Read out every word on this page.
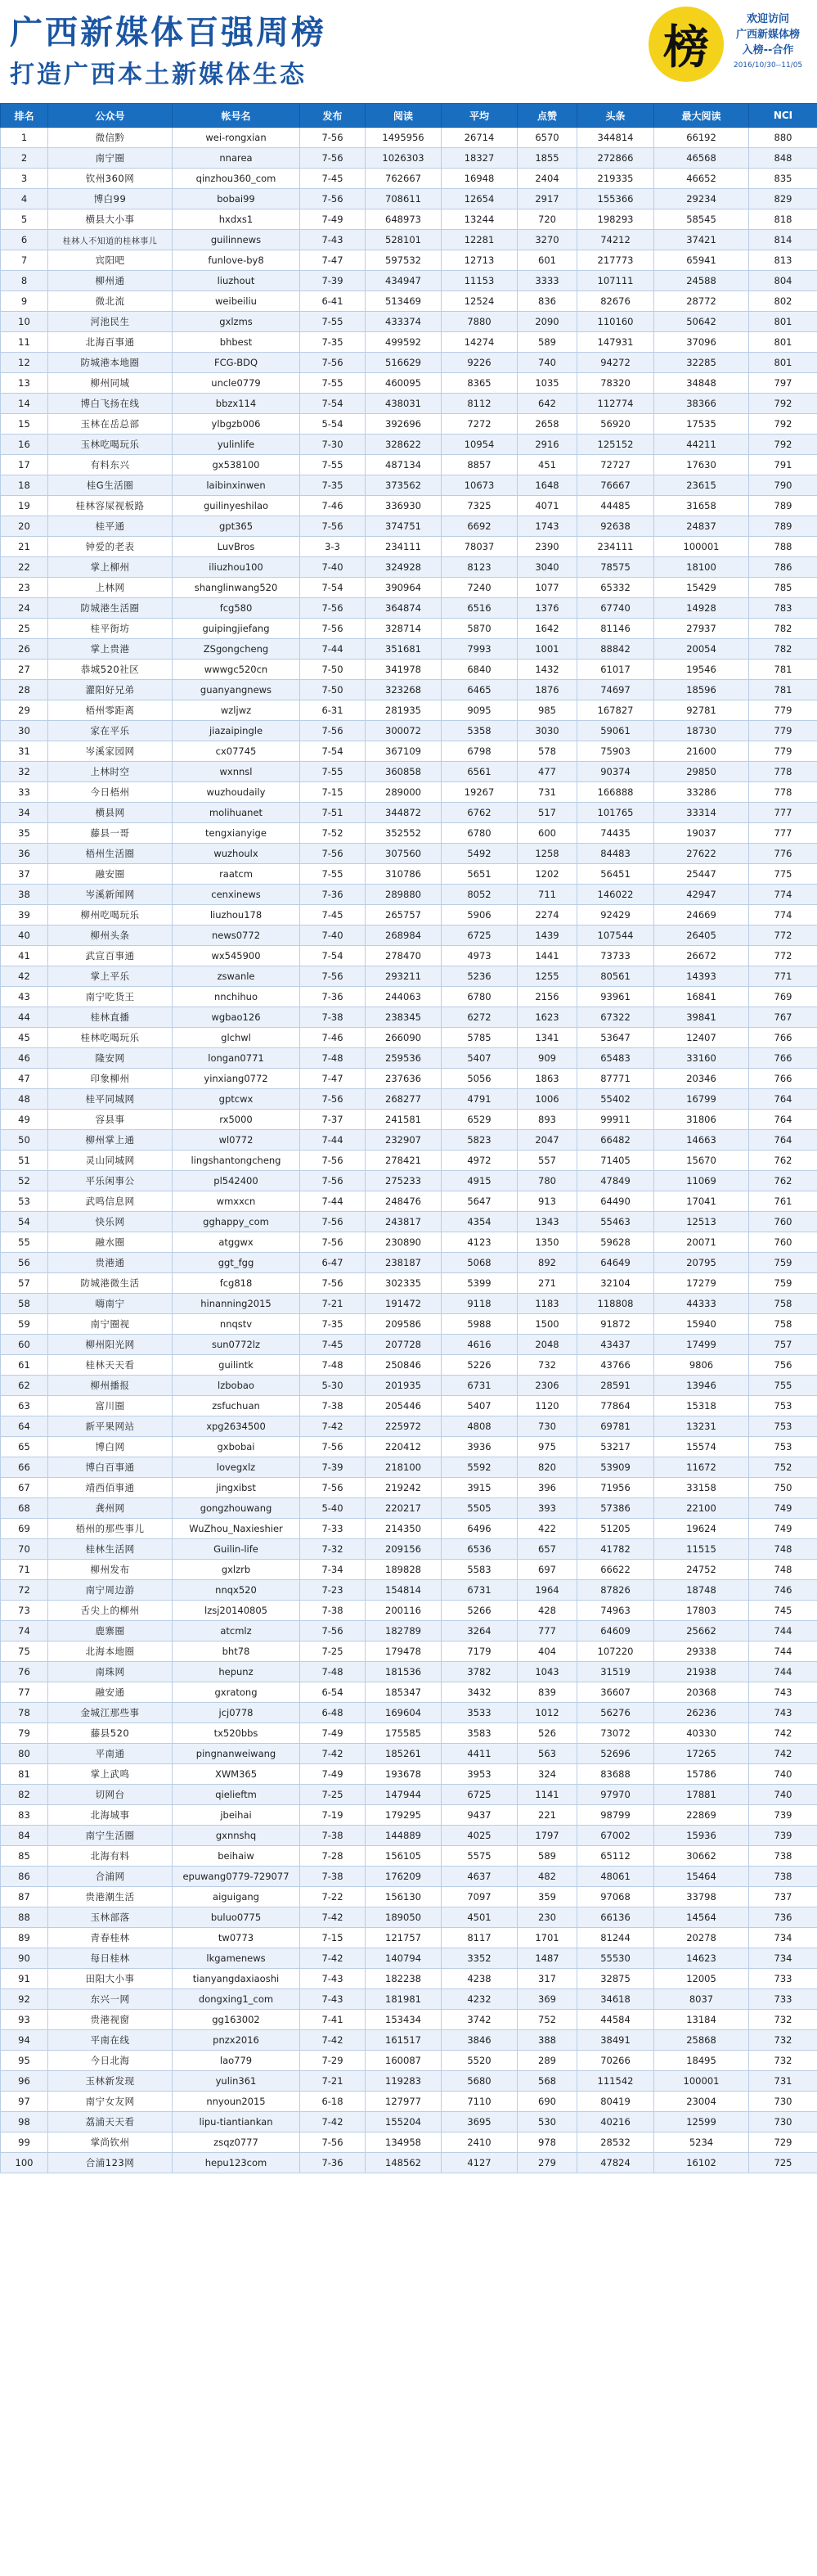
广西新媒体百强周榜
打造广西本土新媒体生态
榜
欢迎访问
广西新媒体榜
入榜--合作
2016/10/30--11/05
排名	公众号	帐号名	发布	阅读	平均	点赞	头条	最大阅读	NCI
1	微信黔	wei-rongxian	7-56	1495956	26714	6570	344814	66192	880
2	南宁圈	nnarea	7-56	1026303	18327	1855	272866	46568	848
3	钦州360网	qinzhou360_com	7-45	762667	16948	2404	219335	46652	835
4	博白99	bobai99	7-56	708611	12654	2917	155366	29234	829
5	横县大小事	hxdxs1	7-49	648973	13244	720	198293	58545	818
6	桂林人不知道的桂林事儿	guilinnews	7-43	528101	12281	3270	74212	37421	814
7	宾阳吧	funlove-by8	7-47	597532	12713	601	217773	65941	813
8	柳州通	liuzhout	7-39	434947	11153	3333	107111	24588	804
9	微北流	weibeiliu	6-41	513469	12524	836	82676	28772	802
10	河池民生	gxlzms	7-55	433374	7880	2090	110160	50642	801
11	北海百事通	bhbest	7-35	499592	14274	589	147931	37096	801
12	防城港本地圈	FCG-BDQ	7-56	516629	9226	740	94272	32285	801
13	柳州同城	uncle0779	7-55	460095	8365	1035	78320	34848	797
14	博白飞扬在线	bbzx114	7-54	438031	8112	642	112774	38366	792
15	玉林在岳总部	ylbgzb006	5-54	392696	7272	2658	56920	17535	792
16	玉林吃喝玩乐	yulinlife	7-30	328622	10954	2916	125152	44211	792
17	有料东兴	gx538100	7-55	487134	8857	451	72727	17630	791
18	桂G生活圈	laibinxinwen	7-35	373562	10673	1648	76667	23615	790
19	桂林容屎视板路	guilinyeshilao	7-46	336930	7325	4071	44485	31658	789
20	桂平通	gpt365	7-56	374751	6692	1743	92638	24837	789
21	钟爱的老表	LuvBros	3-3	234111	78037	2390	234111	100001	788
22	掌上柳州	iliuzhou100	7-40	324928	8123	3040	78575	18100	786
23	上林网	shanglinwang520	7-54	390964	7240	1077	65332	15429	785
24	防城港生活圈	fcg580	7-56	364874	6516	1376	67740	14928	783
25	桂平街坊	guipingjiefang	7-56	328714	5870	1642	81146	27937	782
26	掌上贵港	ZSgongcheng	7-44	351681	7993	1001	88842	20054	782
27	恭城520社区	wwwgc520cn	7-50	341978	6840	1432	61017	19546	781
28	灌阳好兄弟	guanyangnews	7-50	323268	6465	1876	74697	18596	781
29	梧州零距离	wzljwz	6-31	281935	9095	985	167827	92781	779
30	家在平乐	jiazaipingle	7-56	300072	5358	3030	59061	18730	779
31	岑溪家园网	cx07745	7-54	367109	6798	578	75903	21600	779
32	上林时空	wxnnsl	7-55	360858	6561	477	90374	29850	778
33	今日梧州	wuzhoudaily	7-15	289000	19267	731	166888	33286	778
34	横县网	molihuanet	7-51	344872	6762	517	101765	33314	777
35	藤县一哥	tengxianyige	7-52	352552	6780	600	74435	19037	777
36	梧州生活圈	wuzhoulx	7-56	307560	5492	1258	84483	27622	776
37	融安圈	raatcm	7-55	310786	5651	1202	56451	25447	775
38	岑溪新闻网	cenxinews	7-36	289880	8052	711	146022	42947	774
39	柳州吃喝玩乐	liuzhou178	7-45	265757	5906	2274	92429	24669	774
40	柳州头条	news0772	7-40	268984	6725	1439	107544	26405	772
41	武宣百事通	wx545900	7-54	278470	4973	1441	73733	26672	772
42	掌上平乐	zswanle	7-56	293211	5236	1255	80561	14393	771
43	南宁吃货王	nnchihuo	7-36	244063	6780	2156	93961	16841	769
44	桂林直播	wgbao126	7-38	238345	6272	1623	67322	39841	767
45	桂林吃喝玩乐	glchwl	7-46	266090	5785	1341	53647	12407	766
46	隆安网	longan0771	7-48	259536	5407	909	65483	33160	766
47	印象柳州	yinxiang0772	7-47	237636	5056	1863	87771	20346	766
48	桂平同城网	gptcwx	7-56	268277	4791	1006	55402	16799	764
49	容县事	rx5000	7-37	241581	6529	893	99911	31806	764
50	柳州掌上通	wl0772	7-44	232907	5823	2047	66482	14663	764
51	灵山同城网	lingshantongcheng	7-56	278421	4972	557	71405	15670	762
52	平乐闲事公	pl542400	7-56	275233	4915	780	47849	11069	762
53	武鸣信息网	wmxxcn	7-44	248476	5647	913	64490	17041	761
54	快乐网	gghappy_com	7-56	243817	4354	1343	55463	12513	760
55	融水圈	atggwx	7-56	230890	4123	1350	59628	20071	760
56	贵港通	ggt_fgg	6-47	238187	5068	892	64649	20795	759
57	防城港微生活	fcg818	7-56	302335	5399	271	32104	17279	759
58	嗨南宁	hinanning2015	7-21	191472	9118	1183	118808	44333	758
59	南宁圈视	nnqstv	7-35	209586	5988	1500	91872	15940	758
60	柳州阳光网	sun0772lz	7-45	207728	4616	2048	43437	17499	757
61	桂林天天看	guilintk	7-48	250846	5226	732	43766	9806	756
62	柳州播报	lzbobao	5-30	201935	6731	2306	28591	13946	755
63	富川圈	zsfuchuan	7-38	205446	5407	1120	77864	15318	753
64	新平果网站	xpg2634500	7-42	225972	4808	730	69781	13231	753
65	博白网	gxbobai	7-56	220412	3936	975	53217	15574	753
66	博白百事通	lovegxlz	7-39	218100	5592	820	53909	11672	752
67	靖西佰事通	jingxibst	7-56	219242	3915	396	71956	33158	750
68	龚州网	gongzhouwang	5-40	220217	5505	393	57386	22100	749
69	梧州的那些事儿	WuZhou_Naxieshier	7-33	214350	6496	422	51205	19624	749
70	桂林生活网	Guilin-life	7-32	209156	6536	657	41782	11515	748
71	柳州发布	gxlzrb	7-34	189828	5583	697	66622	24752	748
72	南宁周边游	nnqx520	7-23	154814	6731	1964	87826	18748	746
73	舌尖上的柳州	lzsj20140805	7-38	200116	5266	428	74963	17803	745
74	鹿寨圈	atcmlz	7-56	182789	3264	777	64609	25662	744
75	北海本地圈	bht78	7-25	179478	7179	404	107220	29338	744
76	南珠网	hepunz	7-48	181536	3782	1043	31519	21938	744
77	融安通	gxratong	6-54	185347	3432	839	36607	20368	743
78	金城江那些事	jcj0778	6-48	169604	3533	1012	56276	26236	743
79	藤县520	tx520bbs	7-49	175585	3583	526	73072	40330	742
80	平南通	pingnanweiwang	7-42	185261	4411	563	52696	17265	742
81	掌上武鸣	XWM365	7-49	193678	3953	324	83688	15786	740
82	切网台	qielieftm	7-25	147944	6725	1141	97970	17881	740
83	北海城事	jbeihai	7-19	179295	9437	221	98799	22869	739
84	南宁生活圈	gxnnshq	7-38	144889	4025	1797	67002	15936	739
85	北海有料	beihaiw	7-28	156105	5575	589	65112	30662	738
86	合浦网	epuwang0779-729077	7-38	176209	4637	482	48061	15464	738
87	贵港潮生活	aiguigang	7-22	156130	7097	359	97068	33798	737
88	玉林部落	buluo0775	7-42	189050	4501	230	66136	14564	736
89	青春桂林	tw0773	7-15	121757	8117	1701	81244	20278	734
90	每日桂林	lkgamenews	7-42	140794	3352	1487	55530	14623	734
91	田阳大小事	tianyangdaxiaoshi	7-43	182238	4238	317	32875	12005	733
92	东兴一网	dongxing1_com	7-43	181981	4232	369	34618	8037	733
93	贵港视窗	gg163002	7-41	153434	3742	752	44584	13184	732
94	平南在线	pnzx2016	7-42	161517	3846	388	38491	25868	732
95	今日北海	lao779	7-29	160087	5520	289	70266	18495	732
96	玉林新发现	yulin361	7-21	119283	5680	568	111542	100001	731
97	南宁女友网	nnyoun2015	6-18	127977	7110	690	80419	23004	730
98	荔浦天天看	lipu-tiantiankan	7-42	155204	3695	530	40216	12599	730
99	掌尚钦州	zsqz0777	7-56	134958	2410	978	28532	5234	729
100	合浦123网	hepu123com	7-36	148562	4127	279	47824	16102	725
